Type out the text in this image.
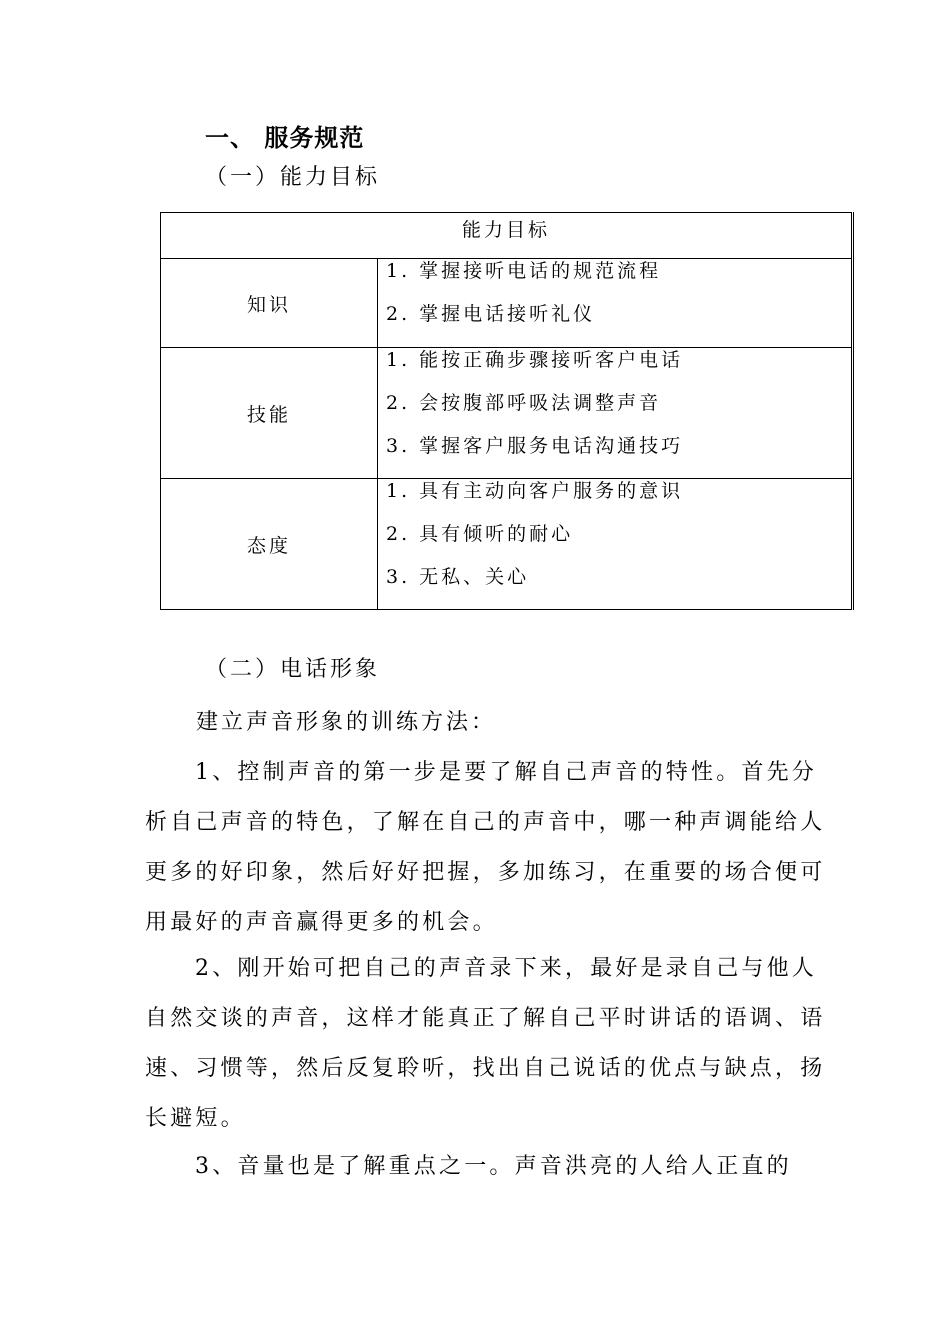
一、 服务规范
（一）能力目标
能力目标	

知识	1. 掌握接听电话的规范流程
2. 掌握电话接听礼仪

技能	1. 能按正确步骤接听客户电话
2. 会按腹部呼吸法调整声音
3. 掌握客户服务电话沟通技巧

态度	1. 具有主动向客户服务的意识
2. 具有倾听的耐心
3. 无私、关心
（二）电话形象
建立声音形象的训练方法：

1、控制声音的第一步是要了解自己声音的特性。首先分析自己声音的特色，了解在自己的声音中，哪一种声调能给人更多的好印象，然后好好把握，多加练习，在重要的场合便可用最好的声音赢得更多的机会。

2、刚开始可把自己的声音录下来，最好是录自己与他人自然交谈的声音，这样才能真正了解自己平时讲话的语调、语速、习惯等，然后反复聆听，找出自己说话的优点与缺点，扬长避短。

3、音量也是了解重点之一。声音洪亮的人给人正直的
